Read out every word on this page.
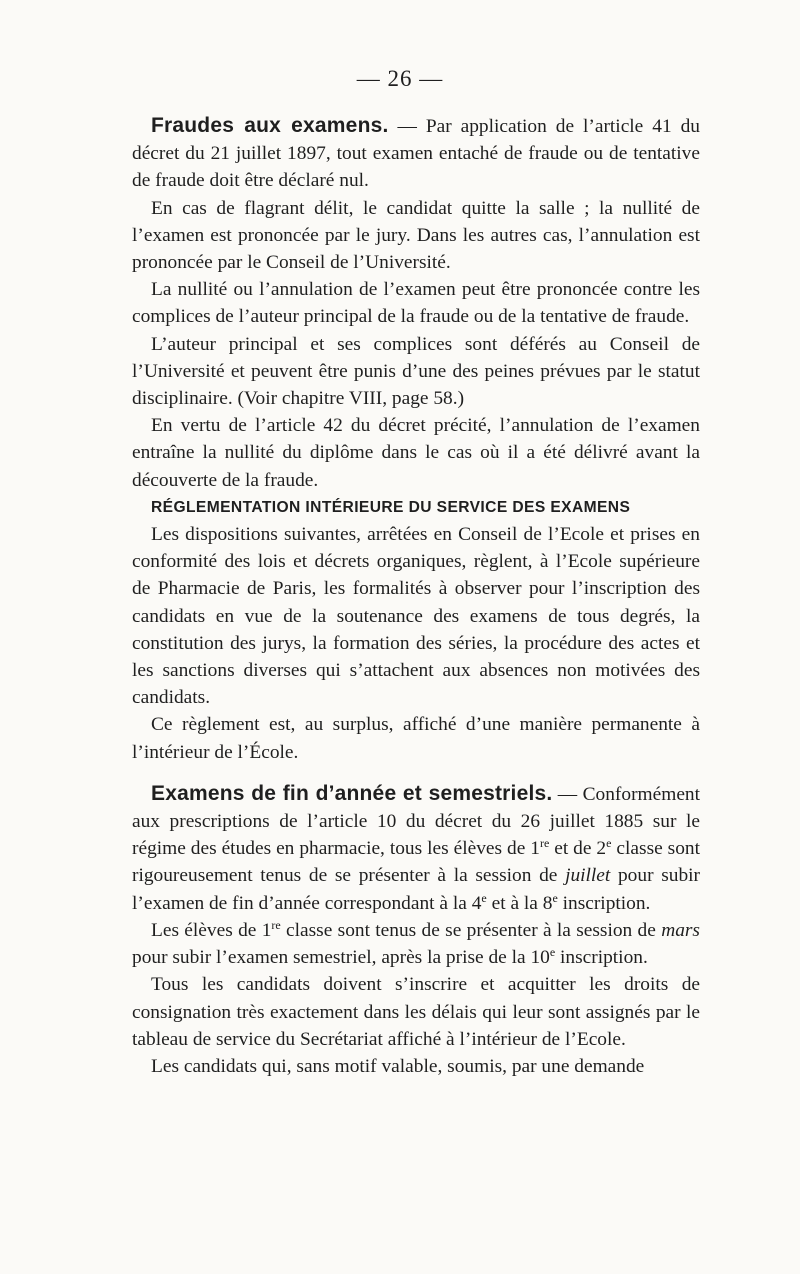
— 26 —

Fraudes aux examens. — Par application de l’article 41 du décret du 21 juillet 1897, tout examen entaché de fraude ou de tentative de fraude doit être déclaré nul.

En cas de flagrant délit, le candidat quitte la salle ; la nullité de l’examen est prononcée par le jury. Dans les autres cas, l’annulation est prononcée par le Conseil de l’Université.

La nullité ou l’annulation de l’examen peut être prononcée contre les complices de l’auteur principal de la fraude ou de la tentative de fraude.

L’auteur principal et ses complices sont déférés au Conseil de l’Université et peuvent être punis d’une des peines prévues par le statut disciplinaire. (Voir chapitre VIII, page 58.)

En vertu de l’article 42 du décret précité, l’annulation de l’examen entraîne la nullité du diplôme dans le cas où il a été délivré avant la découverte de la fraude.

RÉGLEMENTATION INTÉRIEURE DU SERVICE DES EXAMENS

Les dispositions suivantes, arrêtées en Conseil de l’Ecole et prises en conformité des lois et décrets organiques, règlent, à l’Ecole supérieure de Pharmacie de Paris, les formalités à observer pour l’inscription des candidats en vue de la soutenance des examens de tous degrés, la constitution des jurys, la formation des séries, la procédure des actes et les sanctions diverses qui s’attachent aux absences non motivées des candidats.

Ce règlement est, au surplus, affiché d’une manière permanente à l’intérieur de l’École.

Examens de fin d’année et semestriels. — Conformément aux prescriptions de l’article 10 du décret du 26 juillet 1885 sur le régime des études en pharmacie, tous les élèves de 1re et de 2e classe sont rigoureusement tenus de se présenter à la session de juillet pour subir l’examen de fin d’année correspondant à la 4e et à la 8e inscription.

Les élèves de 1re classe sont tenus de se présenter à la session de mars pour subir l’examen semestriel, après la prise de la 10e inscription.

Tous les candidats doivent s’inscrire et acquitter les droits de consignation très exactement dans les délais qui leur sont assignés par le tableau de service du Secrétariat affiché à l’intérieur de l’Ecole.

Les candidats qui, sans motif valable, soumis, par une demande
